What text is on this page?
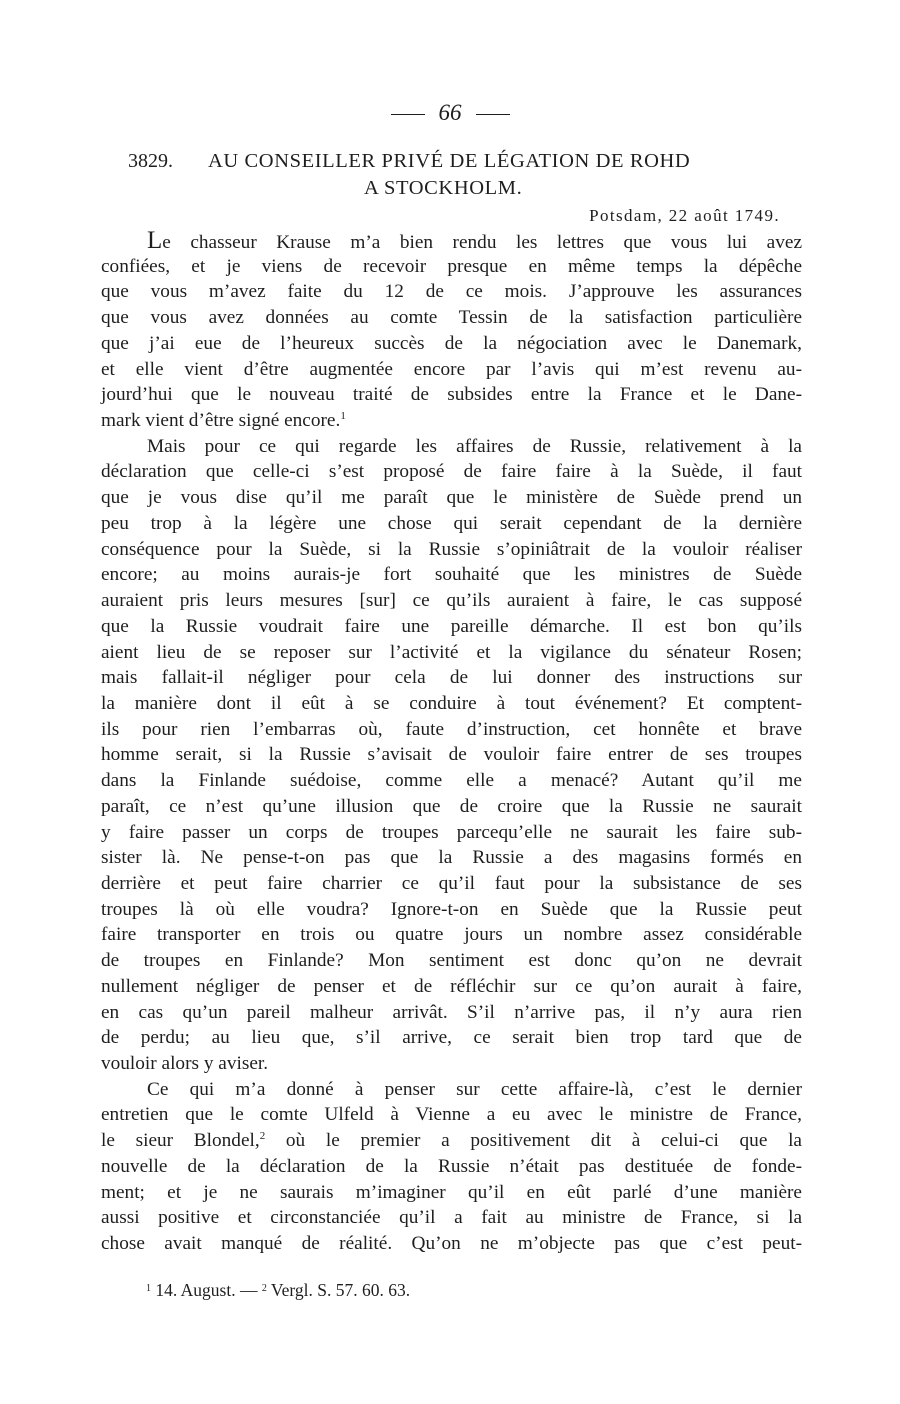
66
3829. AU CONSEILLER PRIVÉ DE LÉGATION DE ROHD
A STOCKHOLM.
Potsdam, 22 août 1749.
Le chasseur Krause m’a bien rendu les lettres que vous lui avez
confiées, et je viens de recevoir presque en même temps la dépêche
que vous m’avez faite du 12 de ce mois. J’approuve les assurances
que vous avez données au comte Tessin de la satisfaction particulière
que j’ai eue de l’heureux succès de la négociation avec le Danemark,
et elle vient d’être augmentée encore par l’avis qui m’est revenu au-
jourd’hui que le nouveau traité de subsides entre la France et le Dane-
mark vient d’être signé encore.$^1$
Mais pour ce qui regarde les affaires de Russie, relativement à la
déclaration que celle-ci s’est proposé de faire faire à la Suède, il faut
que je vous dise qu’il me paraît que le ministère de Suède prend un
peu trop à la légère une chose qui serait cependant de la dernière
conséquence pour la Suède, si la Russie s’opiniâtrait de la vouloir réaliser
encore; au moins aurais-je fort souhaité que les ministres de Suède
auraient pris leurs mesures [sur] ce qu’ils auraient à faire, le cas supposé
que la Russie voudrait faire une pareille démarche. Il est bon qu’ils
aient lieu de se reposer sur l’activité et la vigilance du sénateur Rosen;
mais fallait-il négliger pour cela de lui donner des instructions sur
la manière dont il eût à se conduire à tout événement? Et comptent-
ils pour rien l’embarras où, faute d’instruction, cet honnête et brave
homme serait, si la Russie s’avisait de vouloir faire entrer de ses troupes
dans la Finlande suédoise, comme elle a menacé? Autant qu’il me
paraît, ce n’est qu’une illusion que de croire que la Russie ne saurait
y faire passer un corps de troupes parcequ’elle ne saurait les faire sub-
sister là. Ne pense-t-on pas que la Russie a des magasins formés en
derrière et peut faire charrier ce qu’il faut pour la subsistance de ses
troupes là où elle voudra? Ignore-t-on en Suède que la Russie peut
faire transporter en trois ou quatre jours un nombre assez considérable
de troupes en Finlande? Mon sentiment est donc qu’on ne devrait
nullement négliger de penser et de réfléchir sur ce qu’on aurait à faire,
en cas qu’un pareil malheur arrivât. S’il n’arrive pas, il n’y aura rien
de perdu; au lieu que, s’il arrive, ce serait bien trop tard que de
vouloir alors y aviser.
Ce qui m’a donné à penser sur cette affaire-là, c’est le dernier
entretien que le comte Ulfeld à Vienne a eu avec le ministre de France,
le sieur Blondel,$^2$ où le premier a positivement dit à celui-ci que la
nouvelle de la déclaration de la Russie n’était pas destituée de fonde-
ment; et je ne saurais m’imaginer qu’il en eût parlé d’une manière
aussi positive et circonstanciée qu’il a fait au ministre de France, si la
chose avait manqué de réalité. Qu’on ne m’objecte pas que c’est peut-
$^1$ 14. August. — $^2$ Vergl. S. 57. 60. 63.
